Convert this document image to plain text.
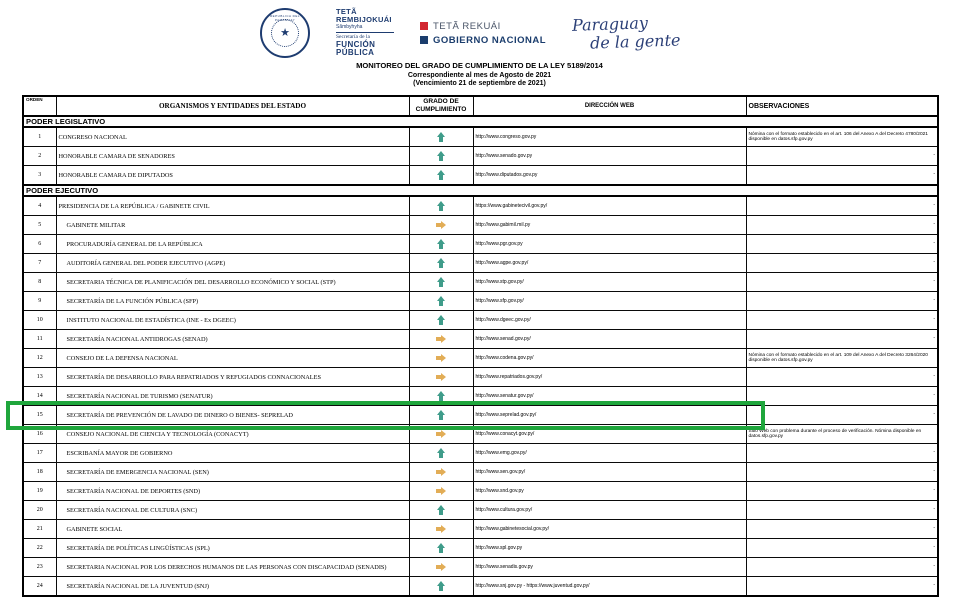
REPUBLICA DEL PARAGUAY
★
TETÃ
REMBIJOKUÁI
Sãmbyhyha
Secretaría de la
FUNCIÓN
PÚBLICA
TETÃ REKUÁI
GOBIERNO NACIONAL
Paraguay
de la gente
MONITOREO DEL GRADO DE CUMPLIMIENTO DE LA LEY 5189/2014
Correspondiente al mes de Agosto de 2021
(Vencimiento 21 de septiembre de 2021)
ORDEN	ORGANISMOS Y ENTIDADES DEL ESTADO	GRADO DE CUMPLIMIENTO	DIRECCIÓN WEB	OBSERVACIONES
PODER LEGISLATIVO				
1	CONGRESO NACIONAL		http://www.congreso.gov.py	Nómina con el formato establecido en el art. 106 del Anexo A del Decreto 4780/2021 disponible en datos.sfp.gov.py
2	HONORABLE CAMARA DE SENADORES		http://www.senado.gov.py	-
3	HONORABLE CAMARA DE DIPUTADOS		http://www.diputados.gov.py	-
PODER EJECUTIVO				
4	PRESIDENCIA DE LA REPÚBLICA / GABINETE CIVIL		https://www.gabinetecivil.gov.py/	-
5	GABINETE MILITAR		http://www.gabimil.mil.py	-
6	PROCURADURÍA GENERAL DE LA REPÚBLICA		http://www.pgr.gov.py	-
7	AUDITORÍA GENERAL DEL PODER EJECUTIVO (AGPE)		http://www.agpe.gov.py/	-
8	SECRETARIA TÉCNICA DE PLANIFICACIÓN DEL DESARROLLO ECONÓMICO Y SOCIAL (STP)		http://www.stp.gov.py/	-
9	SECRETARÍA DE LA FUNCIÓN PÚBLICA (SFP)		http://www.sfp.gov.py/	-
10	INSTITUTO NACIONAL DE ESTADÍSTICA (INE - Ex DGEEC)		http://www.dgeec.gov.py/	-
11	SECRETARÍA NACIONAL ANTIDROGAS (SENAD)		http://www.senad.gov.py/	-
12	CONSEJO DE LA DEFENSA NACIONAL		http://www.codena.gov.py/	Nómina con el formato establecido en el art. 109 del Anexo A del Decreto 3264/2020 disponible en datos.sfp.gov.py
13	SECRETARÍA DE DESARROLLO PARA REPATRIADOS Y REFUGIADOS CONNACIONALES		http://www.repatriados.gov.py/	-
14	SECRETARÍA NACIONAL DE TURISMO (SENATUR)		http://www.senatur.gov.py/	-
15	SECRETARÍA DE PREVENCIÓN DE LAVADO DE DINERO O BIENES- SEPRELAD		http://www.seprelad.gov.py/	-
16	CONSEJO NACIONAL DE CIENCIA Y TECNOLOGÍA (CONACYT)		http://www.conacyt.gov.py/	Sitio Web con problema durante el proceso de verificación. Nómina disponible en datos.sfp.gov.py
17	ESCRIBANÍA MAYOR DE GOBIERNO		http://www.emg.gov.py/	-
18	SECRETARÍA DE EMERGENCIA NACIONAL (SEN)		http://www.sen.gov.py/	-
19	SECRETARÍA NACIONAL DE DEPORTES (SND)		http://www.snd.gov.py	-
20	SECRETARÍA NACIONAL DE CULTURA (SNC)		http://www.cultura.gov.py/	-
21	GABINETE SOCIAL		http://www.gabinetesocial.gov.py/	-
22	SECRETARÍA DE POLÍTICAS LINGÜÍSTICAS (SPL)		http://www.spl.gov.py	-
23	SECRETARIA NACIONAL POR LOS DERECHOS HUMANOS DE LAS PERSONAS CON DISCAPACIDAD (SENADIS)		http://www.senadis.gov.py	-
24	SECRETARÍA NACIONAL DE LA JUVENTUD (SNJ)		http://www.snj.gov.py - https://www.juventud.gov.py/	-
